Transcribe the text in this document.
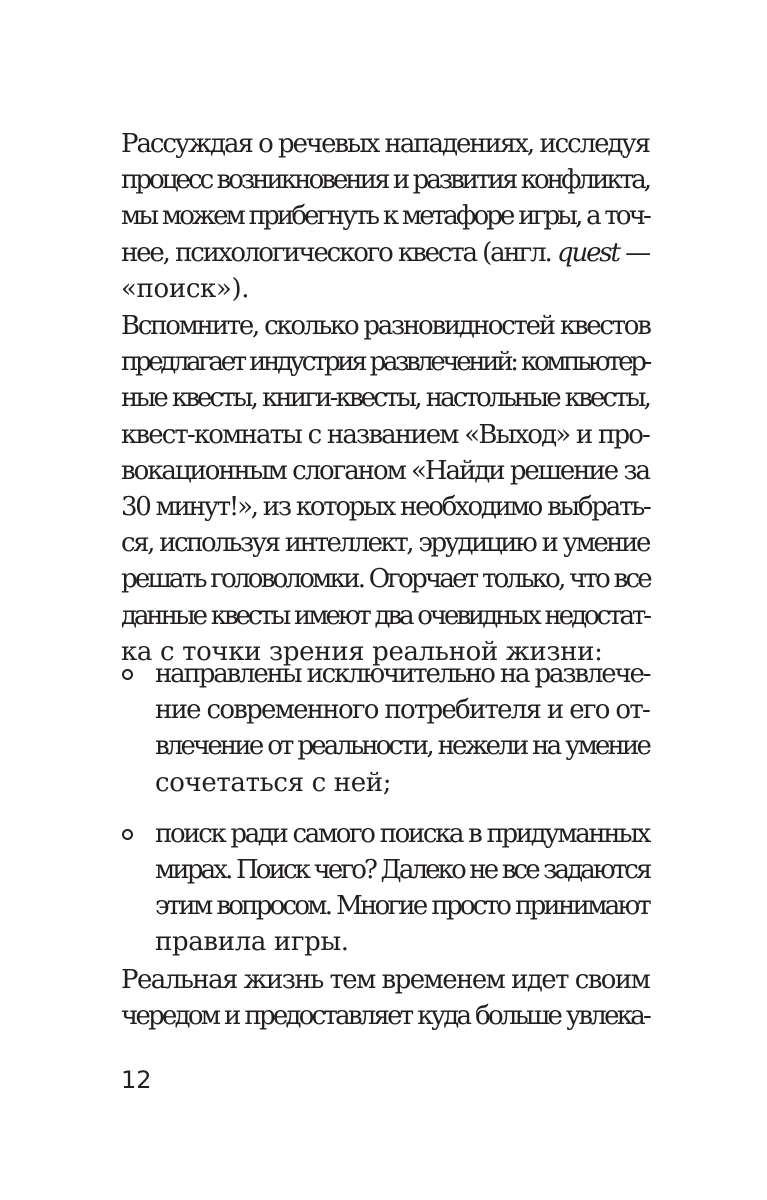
Рассуждая о речевых нападениях, исследуя
процесс возникновения и развития конфликта,
мы можем прибегнуть к метафоре игры, а точ-
нее, психологического квеста (англ. quest —
«поиск»).
Вспомните, сколько разновидностей квестов
предлагает индустрия развлечений: компьютер-
ные квесты, книги-квесты, настольные квесты,
квест-комнаты с названием «Выход» и про-
вокационным слоганом «Найди решение за
30 минут!», из которых необходимо выбрать-
ся, используя интеллект, эрудицию и умение
решать головоломки. Огорчает только, что все
данные квесты имеют два очевидных недостат-
ка с точки зрения реальной жизни:
направлены исключительно на развлече-
ние современного потребителя и его от-
влечение от реальности, нежели на умение
сочетаться с ней;
поиск ради самого поиска в придуманных
мирах. Поиск чего? Далеко не все задаются
этим вопросом. Многие просто принимают
правила игры.
Реальная жизнь тем временем идет своим
чередом и предоставляет куда больше увлека-
12
